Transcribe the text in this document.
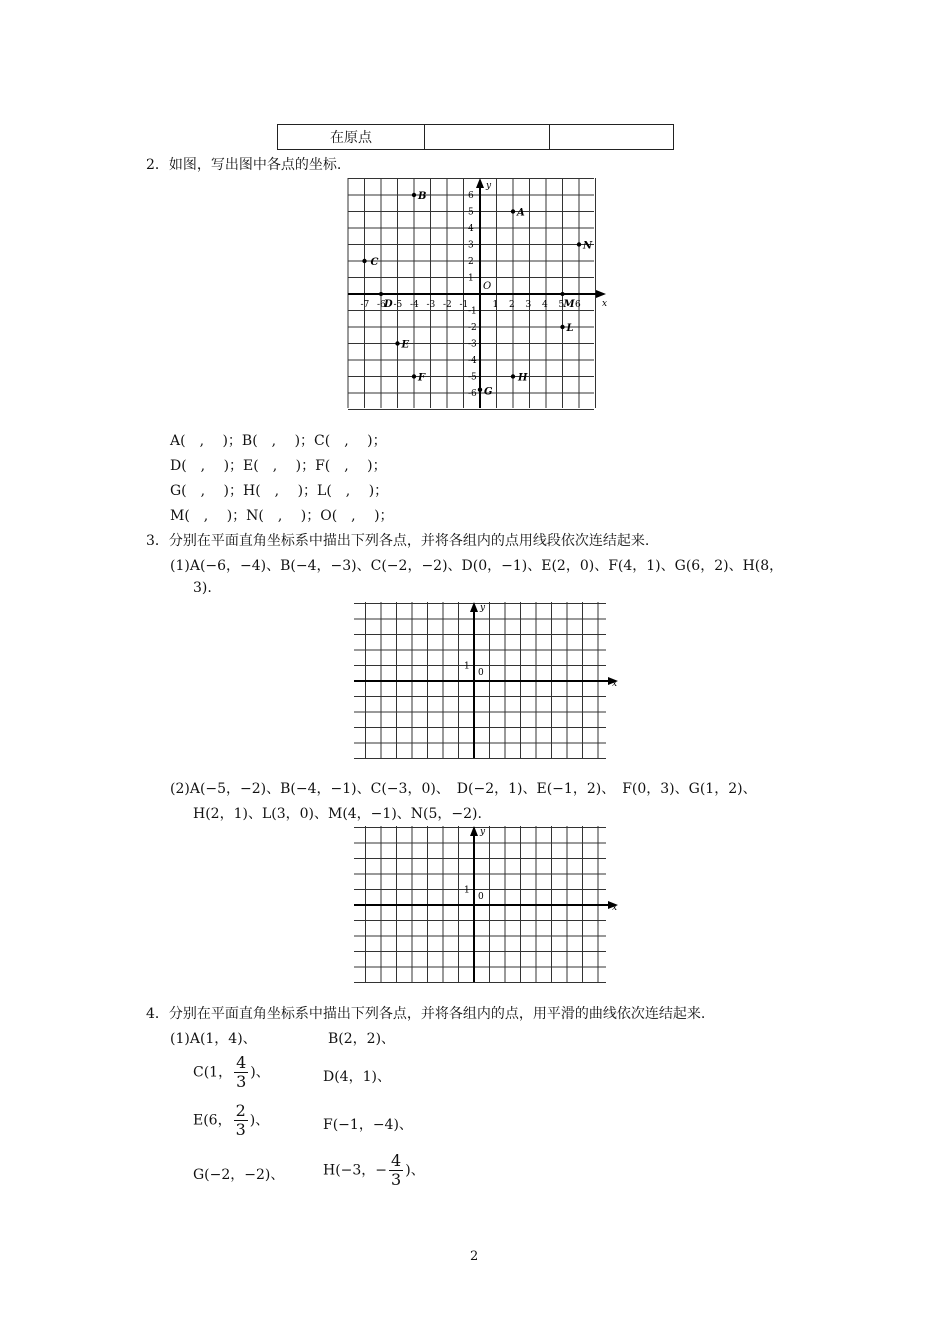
在原点		
2．如图，写出图中各点的坐标.
x
y
-7 -6 -5 -4 -3 -2 -1	1 2 3 4 5 6
6
5
4
3
2
1
-1
-2
-3
-4
-5
-6
A
B
C
N
E
F	H
L
G
D	M
O
A(　,　 )；B(　,　 )；C(　,　 )；
D(　,　 )；E(　,　 )；F(　,　 )；
G(　,　 )；H(　,　 )；L(　,　 )；
M(　,　 )；N(　,　 )；O(　,　 )；
3．分别在平面直角坐标系中描出下列各点，并将各组内的点用线段依次连结起来.
(1)A(−6，−4)、B(−4，−3)、C(−2，−2)、D(0，−1)、E(2，0)、F(4，1)、G(6，2)、H(8，
3).
x
y
1
0
(2)A(−5，−2)、B(−4，−1)、C(−3，0)、　D(−2，1)、E(−1，2)、　F(0，3)、G(1，2)、
H(2，1)、L(3，0)、M(4，−1)、N(5，−2).
x
y
1
0
4．分别在平面直角坐标系中描出下列各点，并将各组内的点，用平滑的曲线依次连结起来.
(1)A(1，4)、	B(2，2)、
C(1， $\frac{4}{3}$ )、	D(4，1)、
E(6， $\frac{2}{3}$ )、	F(−1，−4)、
G(−2，−2)、	H(−3，− $\frac{4}{3}$ )、
2
